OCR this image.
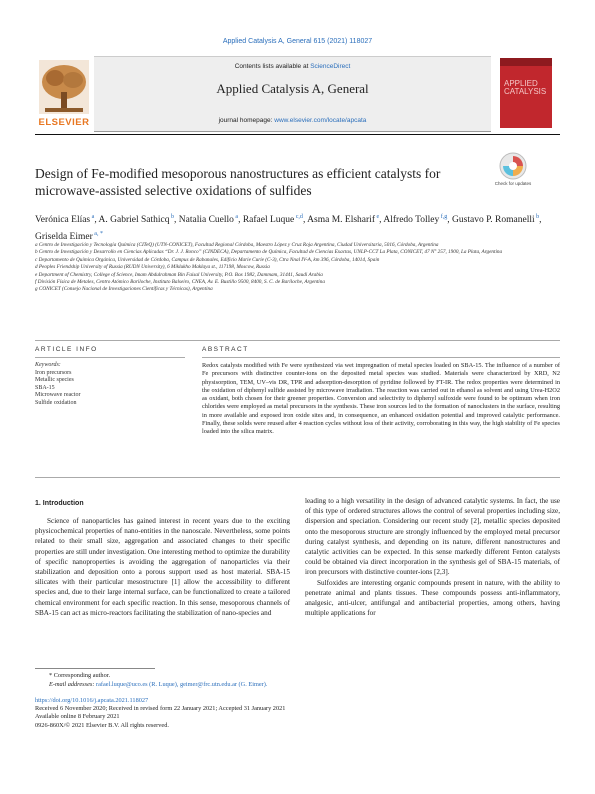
Applied Catalysis A, General 615 (2021) 118027
ELSEVIER
Contents lists available at ScienceDirect
Applied Catalysis A, General
journal homepage: www.elsevier.com/locate/apcata
APPLIED CATALYSIS
Design of Fe-modified mesoporous nanostructures as efficient catalysts for microwave-assisted selective oxidations of sulfides	Check for updates
Verónica Elías $^a$, A. Gabriel Sathicq $^b$, Natalia Cuello $^a$, Rafael Luque $^{c,d}$, Asma M. Elsharif $^e$, Alfredo Tolley $^{f,g}$, Gustavo P. Romanelli $^b$, Griselda Eimer $^{a, *}$
a Centro de Investigación y Tecnología Química (CITeQ) (UTN-CONICET), Facultad Regional Córdoba, Maestro López y Cruz Roja Argentina, Ciudad Universitaria, 5016, Córdoba, Argentina
b Centro de Investigación y Desarrollo en Ciencias Aplicadas “Dr. J. J. Ronco” (CINDECA), Departamento de Química, Facultad de Ciencias Exactas, UNLP-CCT La Plata, CONICET, 47 N° 257, 1900, La Plata, Argentina
c Departamento de Química Orgánica, Universidad de Córdoba, Campus de Rabanales, Edificio Marie Curie (C-3), Ctra Nnal IV-A, km 396, Córdoba, 14014, Spain
d Peoples Friendship University of Russia (RUDN University), 6 Miklukho Maklaya st., 117198, Moscow, Russia
e Department of Chemistry, College of Science, Imam Abdulrahman Bin Faisal University, P.O. Box 1982, Dammam, 31441, Saudi Arabia
f División Física de Metales, Centro Atómico Bariloche, Instituto Balseiro, CNEA, Av. E. Bustillo 9500, 8400, S. C. de Bariloche, Argentina
g CONICET (Consejo Nacional de Investigaciones Científicas y Técnicas), Argentina
ARTICLE INFO	ABSTRACT
Keywords:
Iron precursors
Metallic species
SBA-15
Microwave reactor
Sulfide oxidation
Redox catalysts modified with Fe were synthesized via wet impregnation of metal species loaded on SBA-15. The influence of a number of Fe precursors with distinctive counter-ions on the deposited metal species was studied. Materials were characterized by XRD, N2 physisorption, TEM, UV–vis DR, TPR and adsorption-desorption of pyridine followed by FT-IR. The redox properties were determined in the oxidation of diphenyl sulfide assisted by microwave irradiation. The reaction was carried out in ethanol as solvent and using Urea-H2O2 as oxidant, both chosen for their greener properties. Conversion and selectivity to diphenyl sulfoxide were found to be optimum when iron chlorides were employed as metal precursors in the synthesis. These iron sources led to the formation of nanoclusters in the surface, resulting in more available and exposed iron oxide sites and, in consequence, an enhanced oxidation potential and improved catalytic performance. Finally, these solids were reused after 4 reaction cycles without loss of their activity, corroborating in this way, the high stability of Fe species loaded into the silica matrix.
1. Introduction
Science of nanoparticles has gained interest in recent years due to the exciting physicochemical properties of nano-entities in the nanoscale. Nevertheless, some points related to their small size, aggregation and associated changes to their specific properties are still under investigation. One interesting method to optimize the durability of specific nanoproperties is avoiding the aggregation of nanoparticles via their stabilization and deposition onto a porous support used as host material. SBA-15 silicates with their particular mesostructure [1] allow the accessibility to different species and, due to their large internal surface, can be functionalized to create a tailored chemical environment for each specific reaction. In this sense, mesoporous channels of SBA-15 can act as micro-reactors facilitating the stabilization of nano-species and

leading to a high versatility in the design of advanced catalytic systems. In fact, the use of this type of ordered structures allows the control of several properties including size, dispersion and speciation. Considering our recent study [2], metallic species deposited onto the mesoporous structure are strongly influenced by the employed metal precursor during catalyst synthesis, and depending on its nature, different nanostructures and catalytic activities can be expected. In this sense markedly different Fenton catalysts could be obtained via direct incorporation in the synthesis gel of SBA-15 materials, of iron precursors with distinctive counter-ions [2,3].

Sulfoxides are interesting organic compounds present in nature, with the ability to penetrate animal and plants tissues. These compounds possess anti-inflammatory, analgesic, anti-ulcer, antifungal and antibacterial properties, among others, having multiple applications for

* Corresponding author.
E-mail addresses: rafael.luque@uco.es (R. Luque), geimer@frc.utn.edu.ar (G. Eimer).
https://doi.org/10.1016/j.apcata.2021.118027
Received 6 November 2020; Received in revised form 22 January 2021; Accepted 31 January 2021
Available online 8 February 2021
0926-860X/© 2021 Elsevier B.V. All rights reserved.
